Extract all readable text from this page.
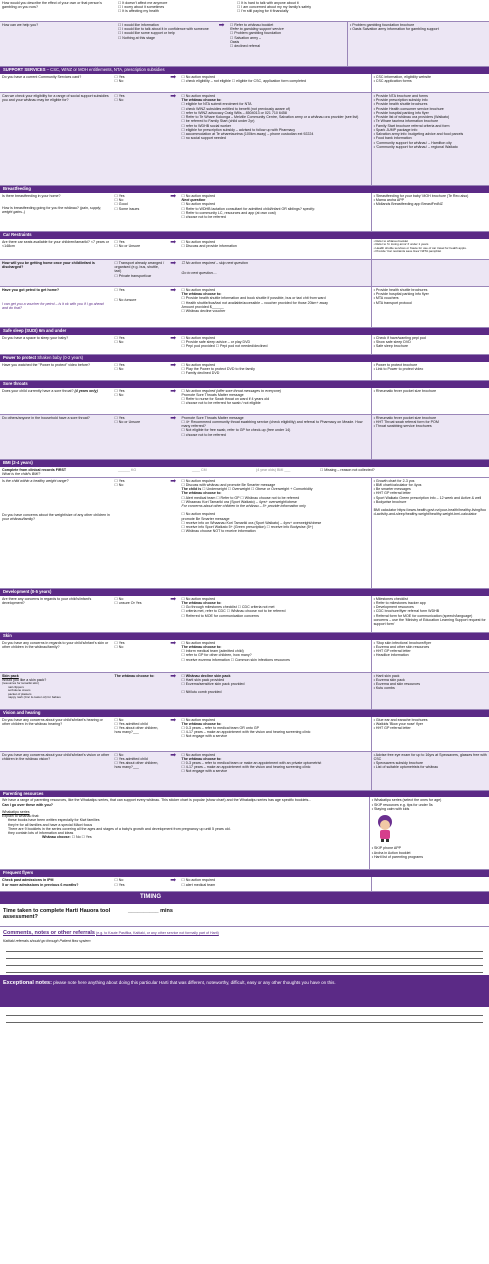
How would you describe the effect of your own or that person's gambling on you now?
☐ It doesn't affect me anymore
☐ I worry about it sometimes
☐ It is affecting my health
☐ It is hard to talk with anyone about it
☐ I am concerned about my my family's safety
☐ I'm still paying for it financially
How can we help you?	☐ I would like information
☐ I would like to talk about it in confidence with someone
☐ I would like some support or help
☐ Nothing at this stage
➡	☐ Refer to whānau booklet
Refer to gambling support service
☐ Problem gambling foundation
☐ Salvation army –
Oasis
☐ declined referral
• Problem gambling foundation brochure
• Oasis Salvation army information for gambling support
SUPPORT SERVICES – CSC, WINZ or MOH entitlements, NTA, prescription subsidies
Do you have a current Community Services card?	☐ Yes
☐ No
➡	☐ No action required
☐ check eligibility – not eligible ☐ eligible for CSC, application form completed
• CSC information, eligibility website
• CSC application forms
Can we check your eligibility for a range of social support subsidies you and your whānau may be eligible for?
☐ Yes
☐ No
➡	☐ No action required
The whānau choose to:
☐ eligible for NTA submit enrolment for NTA
☐ check WINZ subsidies entitled to benefit (not previously aware of)
☐ refer to WINZ advocacy Craig Wills – 8504013 or 021 710 6458
☐ Refer to Te Whare Kokonga – Melville Community Centre, Salvation army or a whānau ora provider (see list)
☐ be referred to Family Start (child under 2yr)
☐ refer to WDHB social worker
☐ eligible for prescription subsidy – advised to follow up with Pharmacy
☐ accommodation at Te wharetaurima (100km away) – phone custodian ext 92224
☐ no social support needed
• Provide NTA brochure and forms
• Provide prescription subsidy info
• Provide health shuttle brochures
• Provide Health consumer service brochure
• Provide hospital parking info flyer
• Provide list of whānau ora providers (Waikato)
• Te Whare taurima information brochure
• Family Start brochure referral criteria and form
• Spark JUMP package info
• Salvation army info: budgeting advice and food parcels
• Food bank information
• 'Community support for whānau' – Hamilton city
• 'Community support for whānau' – regional Waikato
Breastfeeding
Is there breastfeeding in your home?
How is breastfeeding going for you the whānau? (pain, supply, weight gains..)
☐ Yes
☐ No
☐ Good
☐ Some issues
➡	☐ No action required
Next question
☐ No action required
☐ Refer to WDHB lactation consultant for admitted child/infant OR siblings? specify:
☐ Refer to community LC, resources and app (at own cost)
☐ choose not to be referred
• 'Breastfeeding for your baby' MOH brochure (Te Reo also)
• Mama aroha APP
• Midlands Breastfeeding app BreastFedNZ
Car Restraints
Are there car seats available for your children/tamariki? <7 years or <148cm
☐ Yes
☐ No or Unsure
➡	☐ No action required
☐ Discuss and provide information
• Refer to whānau booklet
• Refer to 'In loving arms' if under 1 years
• Health shuttle services or Kaute for use of car travel for health appts.
• Provide 'Car restraints save lives' NZTA pamphlet
How will you be getting home once your child/infant is discharged?
☐ Transport already arranged / organised (e.g. bus, shuttle, taxi)
☐ Private transport/car
➡	☐ No action required – skip next question
Go to next question....
Have you got petrol to get home?
I can get you a voucher for petrol – is it ok with you if I go ahead and do that?
☐ Yes
☐ No /unsure
➡	☐ No action required
The whānau choose to:
☐ Provide health shuttle information and book shuttle if possible, bus or taxi chit from ward
☐ Health shuttle/bus/taxi not available/accessible – voucher provided for those 20km+ away
Amount provided $______
☐ Whānau decline voucher
• Provide health shuttle brochures
• Provide hospital parking info flyer
• MTA vouchers
• MTA transport protocol
Safe sleep (SUDI) 6m and under
Do you have a space to sleep your baby?	☐ Yes
☐ No
➡	☐ No action required
☐ Provide safe sleep advice – or play DVD
☐ Pepi pod provided ☐ Pepi pod not needed/declined
• Check if have/wanting pepi pod
• Show safe sleep DVD
• Safe sleep brochure
Power to protect Shaken baby (0-2 years)
Have you watched the "Power to protect" video before?	☐ Yes
☐ No
➡	☐ No action required
☐ Play the Power to protect DVD to the family
☐ Family declined DVD
• Power to protect brochure
• Link to Power to protect video
Sore throats
Does your child currently have a sore throat? (4 years only)	☐ Yes
☐ No
➡	☐ No action required (offer sore throat messages to everyone)
Promote Sore Throats Matter message
☐ Refer to nurse for Swab throat on ward if 4 years old
☐ choose not to be referred for swab / not eligible
• Rheumatic fever pocket size brochure
Do others/anyone in the household have a sore throat?	☐ Yes
☐ No or Unsure
➡	Promote Sore Throats Matter message
☐ 4+ Recommend community throat swabbing service (check eligibility) and referral to Pharmacy on Meade. How many referred?
☐ Not eligible for free swab, refer to GP for check-up (free under 14)
☐ choose not to be referred
• Rheumatic fever pocket size brochure
• HHT Throat swab referral form for POM
• Throat swabbing service brochures
BMI (2-4 years)
Complete from clinical records FIRST
What is the child's BMI?
______ KG	____ CM	(4 year olds) BMI ___	☐ Missing – reason not collected?
Is the child within a healthy weight range?
Do you have concerns about the weight/size of any other children in your whānau/family?
☐ Yes
☐ No
➡	☐ No action required
☐ Discuss with whānau and promote Be Smarter message
The child is ☐ Underweight ☐ Overweight ☐ Obese or Overweight + Comorbidity
The whānau choose to:
☐ Alert medical team ☐ Refer to GP ☐ Whānau choose not to be referred
☐ Whaanau Kori Tamariki ora (Sport Waikato) – 4yrs+ overweight/obese
For concerns about other children in the whānau – 5+ provide information only
☐ No action required
promote Be Smarter message
☐ receive info on Whaanau Kori Tamariki ora (Sport Waikato) – 4yrs+ overweight/obese
☐ receive info Sport Waikato 5+ (Green prescription) ☐ receive info Bodywise (5+)
☐ Whānau choose NOT to receive information
• Growth chart for 2-3 yos
• BMI chart/calculator for 4yos
• Be smarter messages
• HHT GP referral letter
• Sport Waikato Green prescription info – 12 week and Active & well
• Bodywise brochure
BMI calculator https://www.health.govt.nz/your-health/healthy-living/food-activity-and-sleep/healthy-weight/healthy-weight-bmi-calculator
Development (0-5 years)
Are there any concerns in regards to your child's/infant's development?
☐ No
☐ unsure Or Yes
➡	☐ No action required
The whānau choose to:
☐ Go through milestones checklist ☐ CDC criteria not met
☐ criteria met, refer to CDC ☐ Whānau choose not to be referred
☐ Referred to MOE for communication concerns
• Milestones checklist
• Refer to milestones tracker app
• Development resources
• CDC brochure/flyer referral form WDHB
• Referral form for MOE for communication (speech/language) concerns – use the 'Ministry of Education Learning Support request for support form'
Skin
Do you have any concerns in regards to your child's/infant's skin or other children in the whānau/family?
☐ Yes
☐ No
➡	☐ No action required
The whānau choose to:
☐ inform medical team (admitted child)
☐ refer to GP for other children, how many?
☐ receive eczema information ☐ Common skin infections resources
• 'Stop skin infections' brochure/flyer
• Eczema and other skin resources
• HHT GP referral letter
• Headlice information
Skin pack
Would you like a skin pack?
(resources for tamariki skin)
• nail clippers
• sorbolene cream
• packet of plasters
• nappy rash (zinc & castor oil) for babies
The whānau choose to:	➡	☐ Whānau decline skin pack
☐ Harti skin pack provided
☐ Eczema/sensitive skin pack provided
☐ Nit/lutu comb provided
• Harti skin pack
• Eczema skin pack
• Eczema and skin resources
• Kutu combs
Vision and hearing
Do you have any concerns about your child's/infant's hearing or other children in the whānau hearing?
☐ No
☐ Yes admitted child
☐ Yes about other children, how many?___
➡	☐ No action required
The whānau choose to:
☐ 0-3 years – refer to medical team OR onto GP
☐ 4-17 years – make an appointment with the vision and hearing screening clinic
☐ Not engage with a service
• Glue ear and earache brochures
• Waikids 'Blow your nose' flyer
• HHT GP referral letter
Do you have any concerns about your child's/infant's vision or other children in the whānau vision?
☐ No
☐ Yes admitted child
☐ Yes about other children, how many?___
➡	☐ No action required
The whānau choose to:
☐ 0-3 years – refer to medical team or make an appointment with an private optometrist
☐ 4-17 years – make an appointment with the vision and hearing screening clinic
☐ Not engage with a service
• Advise free eye exam for up to 16yrs at Specsavers, glasses free with CSC
• Specsavers subsidy brochure
• List of suitable optometrists for whānau
Parenting resources
We have a range of parenting resources, like the Whakatipu series, that can support every whānau. This sticker chart is popular (show chart) and the Whakatipu series has age specific booklets...
Can I go over these with you?
Whakatipu series
Explain to whānau that:
• these books have been written especially for Kiwi families
• they're for all families and have a special Māori focus
• There are 9 booklets in the series covering all the ages and stages of a baby's growth and development from pregnancy up until 5 years old.
• they contain lots of information and ideas
Whānau choose: ☐ No ☐ Yes
• Whakatipu series (select the ones for age)
• SKIP resources e.g. tips for under 5s
• Staying calm with kids
• SKIP phone APP
• Aroha in Action booklet
• Harti list of parenting programs
Frequent flyers
Check past admissions in IPM
5 or more admissions in previous 6 months?
☐ No
☐ Yes
➡	☐ No action required
☐ alert medical team
TIMING
Time taken to complete Harti Hauora tool assessment?
__________ mins
Comments, notes or other referrals (e.g. to Kaute Pasifika, Kaitiaki, or any other service not formally part of Harti)
Kaitiaki referrals should go through Patient flow system
Exceptional notes: please note here anything about doing this particular Harti that was different, noteworthy, difficult, easy or any other thoughts you have on this.
